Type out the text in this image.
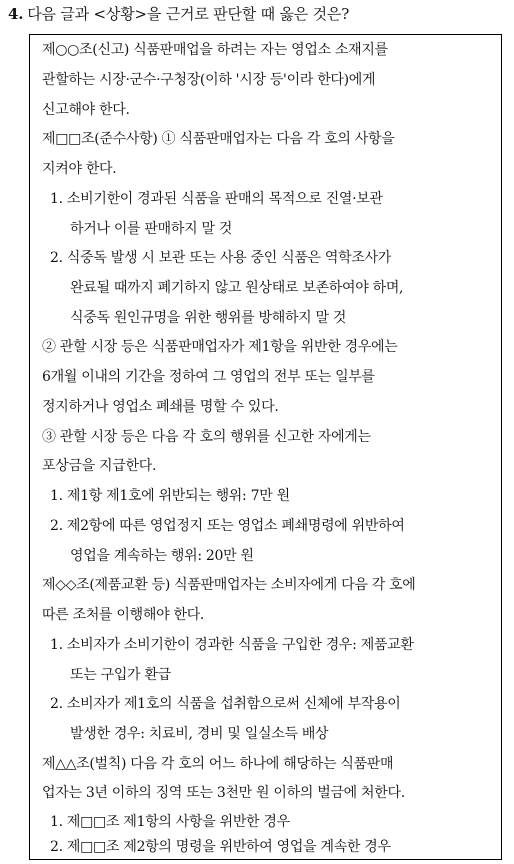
4. 다음 글과 <상황>을 근거로 판단할 때 옳은 것은?
제○○조(신고) 식품판매업을 하려는 자는 영업소 소재지를
관할하는 시장·군수·구청장(이하 '시장 등'이라 한다)에게
신고해야 한다.
제□□조(준수사항) ① 식품판매업자는 다음 각 호의 사항을
지켜야 한다.
1. 소비기한이 경과된 식품을 판매의 목적으로 진열·보관
하거나 이를 판매하지 말 것
2. 식중독 발생 시 보관 또는 사용 중인 식품은 역학조사가
완료될 때까지 폐기하지 않고 원상태로 보존하여야 하며,
식중독 원인규명을 위한 행위를 방해하지 말 것
② 관할 시장 등은 식품판매업자가 제1항을 위반한 경우에는
6개월 이내의 기간을 정하여 그 영업의 전부 또는 일부를
정지하거나 영업소 폐쇄를 명할 수 있다.
③ 관할 시장 등은 다음 각 호의 행위를 신고한 자에게는
포상금을 지급한다.
1. 제1항 제1호에 위반되는 행위: 7만 원
2. 제2항에 따른 영업정지 또는 영업소 폐쇄명령에 위반하여
영업을 계속하는 행위: 20만 원
제◇◇조(제품교환 등) 식품판매업자는 소비자에게 다음 각 호에
따른 조처를 이행해야 한다.
1. 소비자가 소비기한이 경과한 식품을 구입한 경우: 제품교환
또는 구입가 환급
2. 소비자가 제1호의 식품을 섭취함으로써 신체에 부작용이
발생한 경우: 치료비, 경비 및 일실소득 배상
제△△조(벌칙) 다음 각 호의 어느 하나에 해당하는 식품판매
업자는 3년 이하의 징역 또는 3천만 원 이하의 벌금에 처한다.
1. 제□□조 제1항의 사항을 위반한 경우
2. 제□□조 제2항의 명령을 위반하여 영업을 계속한 경우
